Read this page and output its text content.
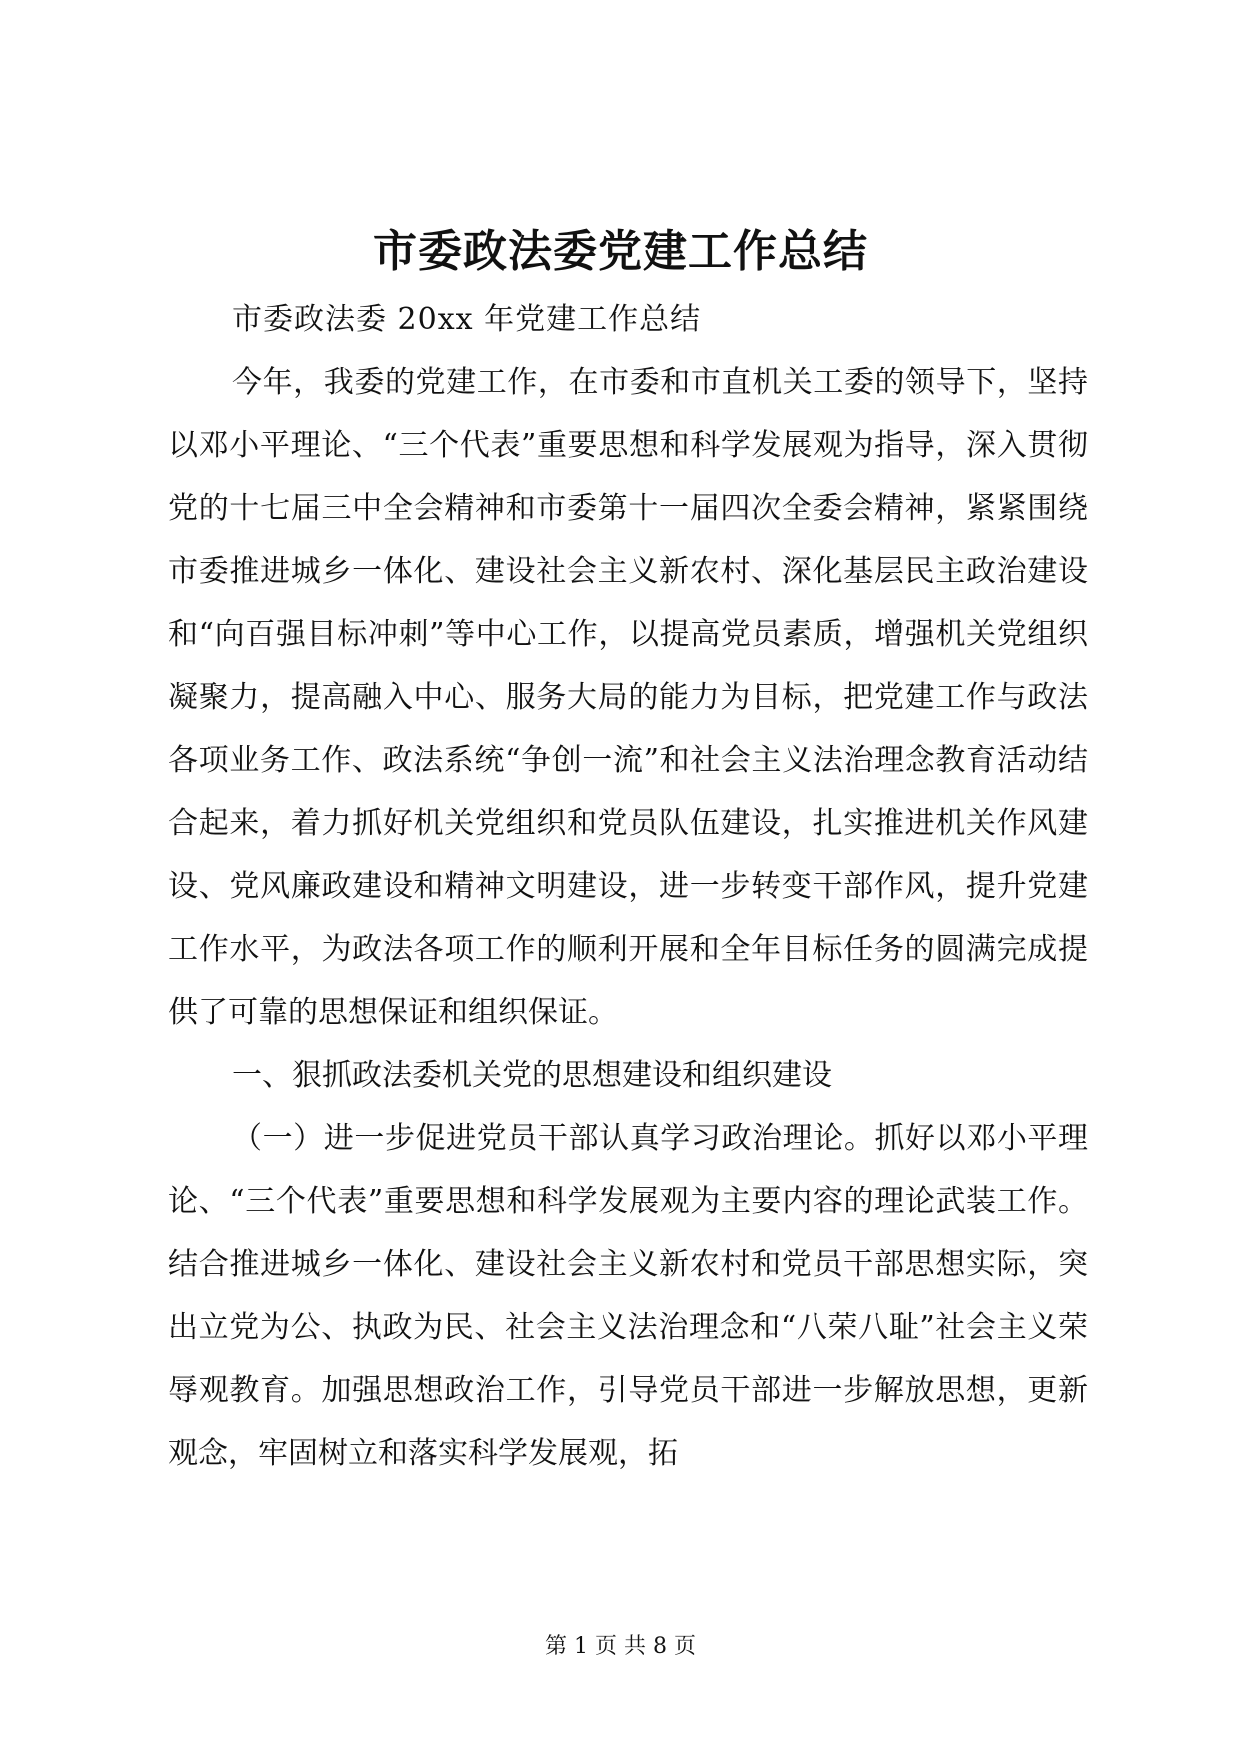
市委政法委党建工作总结

市委政法委 20xx 年党建工作总结

今年，我委的党建工作，在市委和市直机关工委的领导下，坚持以邓小平理论、“三个代表”重要思想和科学发展观为指导，深入贯彻党的十七届三中全会精神和市委第十一届四次全委会精神，紧紧围绕市委推进城乡一体化、建设社会主义新农村、深化基层民主政治建设和“向百强目标冲刺”等中心工作，以提高党员素质，增强机关党组织凝聚力，提高融入中心、服务大局的能力为目标，把党建工作与政法各项业务工作、政法系统“争创一流”和社会主义法治理念教育活动结合起来，着力抓好机关党组织和党员队伍建设，扎实推进机关作风建设、党风廉政建设和精神文明建设，进一步转变干部作风，提升党建工作水平，为政法各项工作的顺利开展和全年目标任务的圆满完成提供了可靠的思想保证和组织保证。

一、狠抓政法委机关党的思想建设和组织建设

（一）进一步促进党员干部认真学习政治理论。抓好以邓小平理论、“三个代表”重要思想和科学发展观为主要内容的理论武装工作。结合推进城乡一体化、建设社会主义新农村和党员干部思想实际，突出立党为公、执政为民、社会主义法治理念和“八荣八耻”社会主义荣辱观教育。加强思想政治工作，引导党员干部进一步解放思想，更新观念，牢固树立和落实科学发展观，拓

第 1 页 共 8 页
